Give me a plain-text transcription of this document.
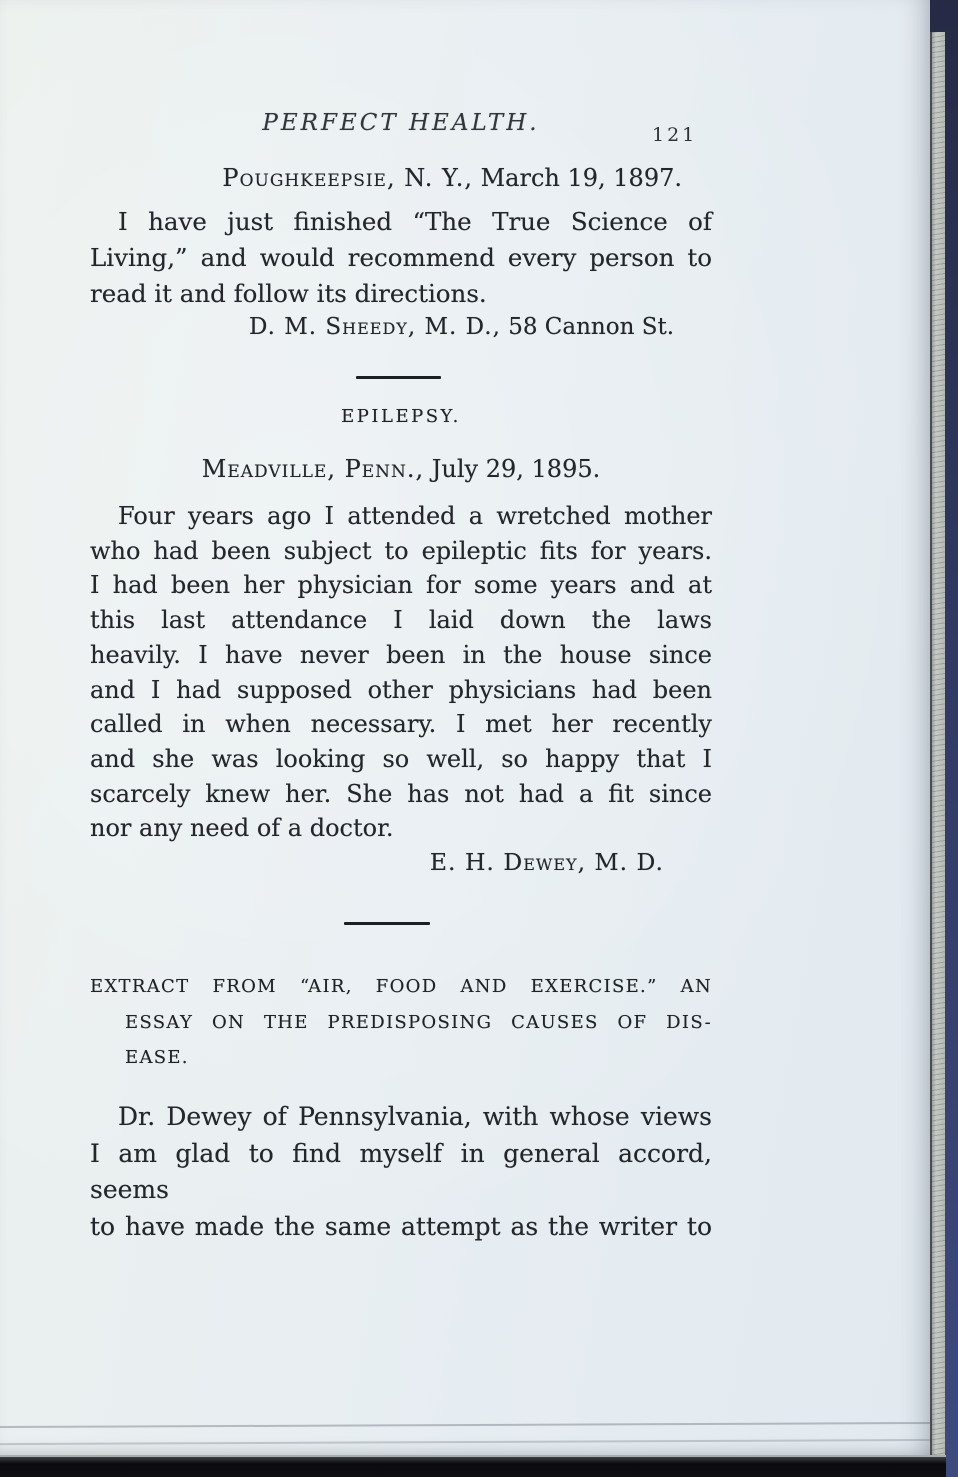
PERFECT HEALTH.	121
Poughkeepsie, N. Y., March 19, 1897.
I have just finished “The True Science of
Living,” and would recommend every person to
read it and follow its directions.
D. M. Sheedy, M. D., 58 Cannon St.
EPILEPSY.
Meadville, Penn., July 29, 1895.
Four years ago I attended a wretched mother
who had been subject to epileptic fits for years.
I had been her physician for some years and at
this last attendance I laid down the laws
heavily. I have never been in the house since
and I had supposed other physicians had been
called in when necessary. I met her recently
and she was looking so well, so happy that I
scarcely knew her. She has not had a fit since
nor any need of a doctor.
E. H. Dewey, M. D.
EXTRACT FROM “AIR, FOOD AND EXERCISE.” AN
ESSAY ON THE PREDISPOSING CAUSES OF DIS-
EASE.
Dr. Dewey of Pennsylvania, with whose views
I am glad to find myself in general accord, seems
to have made the same attempt as the writer to
